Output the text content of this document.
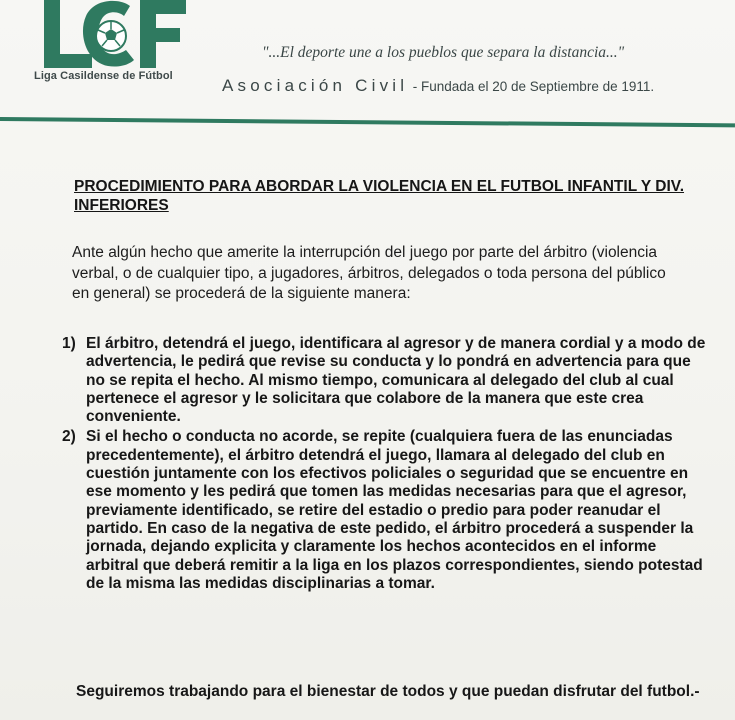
Liga Casildense de Fútbol
"...El deporte une a los pueblos que separa la distancia..."
Asociación Civil - Fundada el 20 de Septiembre de 1911.
PROCEDIMIENTO PARA ABORDAR LA VIOLENCIA EN EL FUTBOL INFANTIL Y DIV. INFERIORES
Ante algún hecho que amerite la interrupción del juego por parte del árbitro (violencia verbal, o de cualquier tipo, a jugadores, árbitros, delegados o toda persona del público en general) se procederá de la siguiente manera:
1) El árbitro, detendrá el juego, identificara al agresor y de manera cordial y a modo de advertencia, le pedirá que revise su conducta y lo pondrá en advertencia para que no se repita el hecho. Al mismo tiempo, comunicara al delegado del club al cual pertenece el agresor y le solicitara que colabore de la manera que este crea conveniente.
2) Si el hecho o conducta no acorde, se repite (cualquiera fuera de las enunciadas precedentemente), el árbitro detendrá el juego, llamara al delegado del club en cuestión juntamente con los efectivos policiales o seguridad que se encuentre en ese momento y les pedirá que tomen las medidas necesarias para que el agresor, previamente identificado, se retire del estadio o predio para poder reanudar el partido. En caso de la negativa de este pedido, el árbitro procederá a suspender la jornada, dejando explicita y claramente los hechos acontecidos en el informe arbitral que deberá remitir a la liga en los plazos correspondientes, siendo potestad de la misma las medidas disciplinarias a tomar.
Seguiremos trabajando para el bienestar de todos y que puedan disfrutar del futbol.-
